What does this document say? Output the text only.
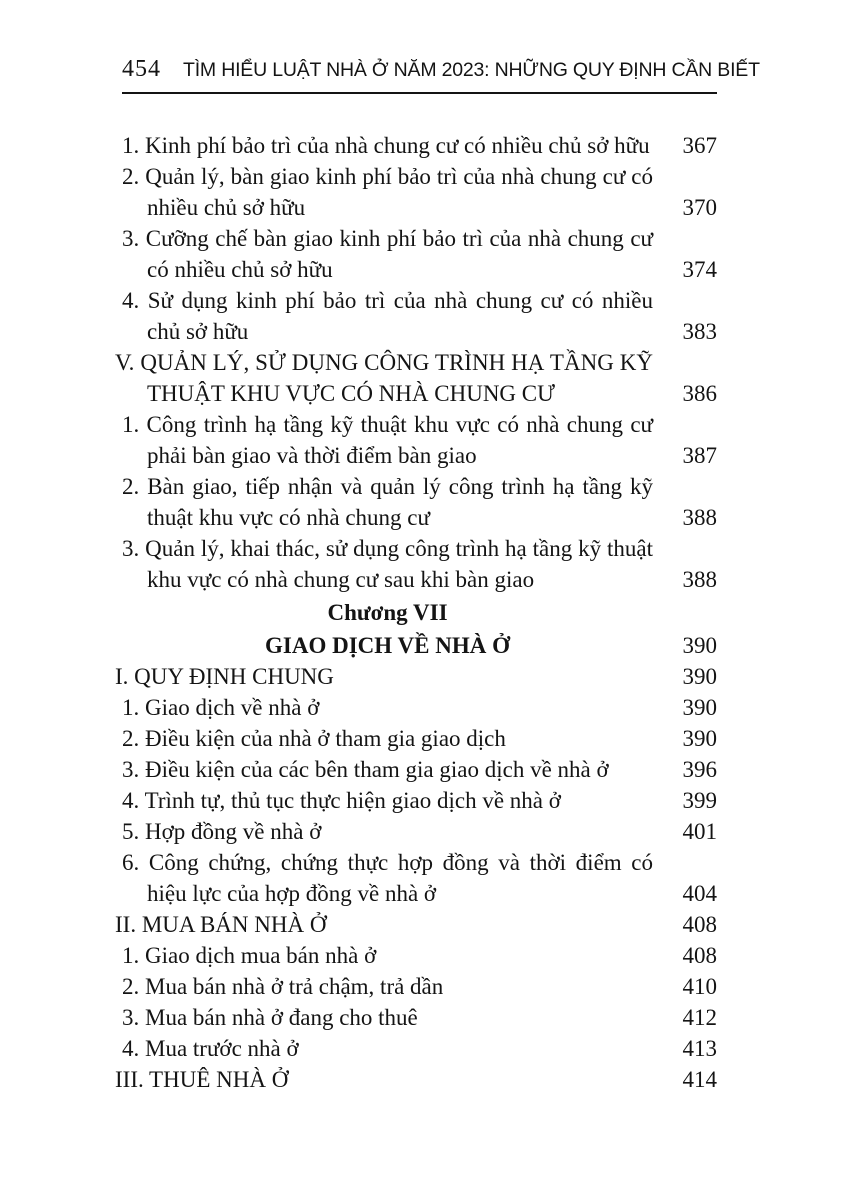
454 TÌM HIỂU LUẬT NHÀ Ở NĂM 2023: NHỮNG QUY ĐỊNH CẦN BIẾT
1. Kinh phí bảo trì của nhà chung cư có nhiều chủ sở hữu	367
2. Quản lý, bàn giao kinh phí bảo trì của nhà chung cư có nhiều chủ sở hữu	370
3. Cưỡng chế bàn giao kinh phí bảo trì của nhà chung cư có nhiều chủ sở hữu	374
4. Sử dụng kinh phí bảo trì của nhà chung cư có nhiều chủ sở hữu	383
V. QUẢN LÝ, SỬ DỤNG CÔNG TRÌNH HẠ TẦNG KỸ THUẬT KHU VỰC CÓ NHÀ CHUNG CƯ	386
1. Công trình hạ tầng kỹ thuật khu vực có nhà chung cư phải bàn giao và thời điểm bàn giao	387
2. Bàn giao, tiếp nhận và quản lý công trình hạ tầng kỹ thuật khu vực có nhà chung cư	388
3. Quản lý, khai thác, sử dụng công trình hạ tầng kỹ thuật khu vực có nhà chung cư sau khi bàn giao	388
Chương VII
GIAO DỊCH VỀ NHÀ Ở	390
I. QUY ĐỊNH CHUNG	390
1. Giao dịch về nhà ở	390
2. Điều kiện của nhà ở tham gia giao dịch	390
3. Điều kiện của các bên tham gia giao dịch về nhà ở	396
4. Trình tự, thủ tục thực hiện giao dịch về nhà ở	399
5. Hợp đồng về nhà ở	401
6. Công chứng, chứng thực hợp đồng và thời điểm có hiệu lực của hợp đồng về nhà ở	404
II. MUA BÁN NHÀ Ở	408
1. Giao dịch mua bán nhà ở	408
2. Mua bán nhà ở trả chậm, trả dần	410
3. Mua bán nhà ở đang cho thuê	412
4. Mua trước nhà ở	413
III. THUÊ NHÀ Ở	414
